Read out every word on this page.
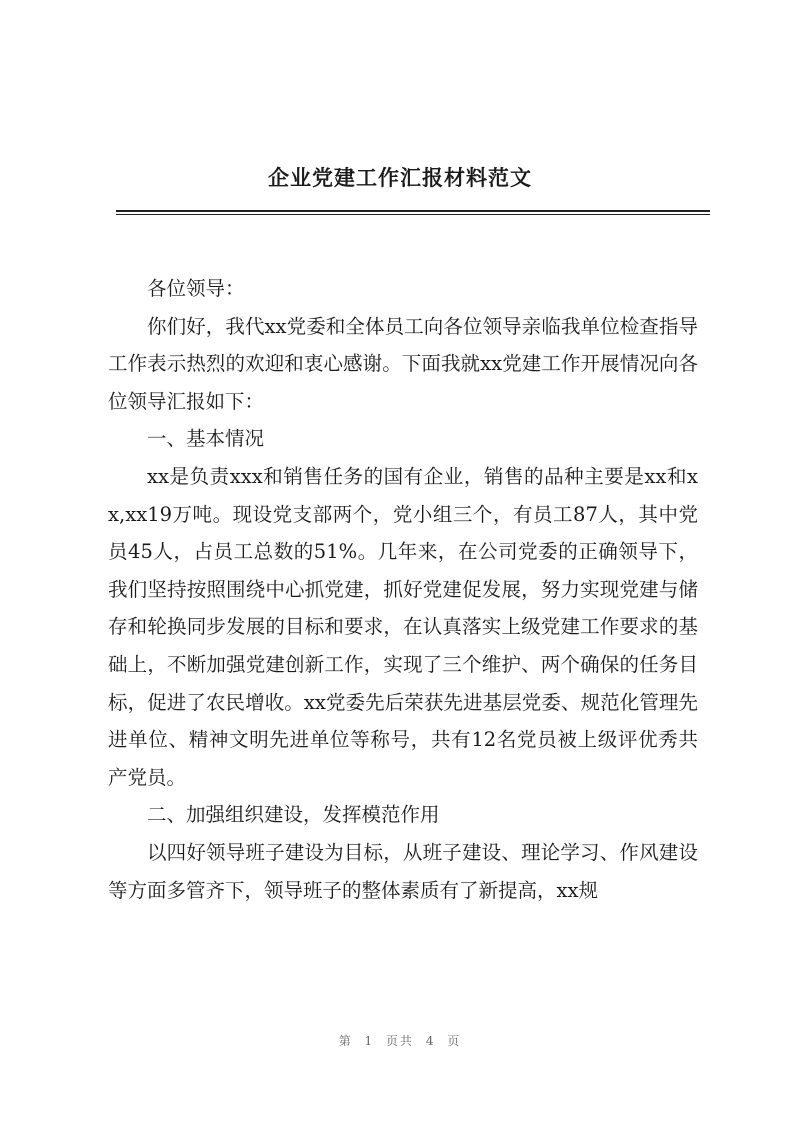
企业党建工作汇报材料范文

各位领导：

你们好，我代xx党委和全体员工向各位领导亲临我单位检查指导工作表示热烈的欢迎和衷心感谢。下面我就xx党建工作开展情况向各位领导汇报如下：

一、基本情况

xx是负责xxx和销售任务的国有企业，销售的品种主要是xx和xx,xx19万吨。现设党支部两个，党小组三个，有员工87人，其中党员45人，占员工总数的51%。几年来，在公司党委的正确领导下，我们坚持按照围绕中心抓党建，抓好党建促发展，努力实现党建与储存和轮换同步发展的目标和要求，在认真落实上级党建工作要求的基础上，不断加强党建创新工作，实现了三个维护、两个确保的任务目标，促进了农民增收。xx党委先后荣获先进基层党委、规范化管理先进单位、精神文明先进单位等称号，共有12名党员被上级评优秀共产党员。

二、加强组织建设，发挥模范作用

以四好领导班子建设为目标，从班子建设、理论学习、作风建设等方面多管齐下，领导班子的整体素质有了新提高，xx规

第 1 页共 4 页
